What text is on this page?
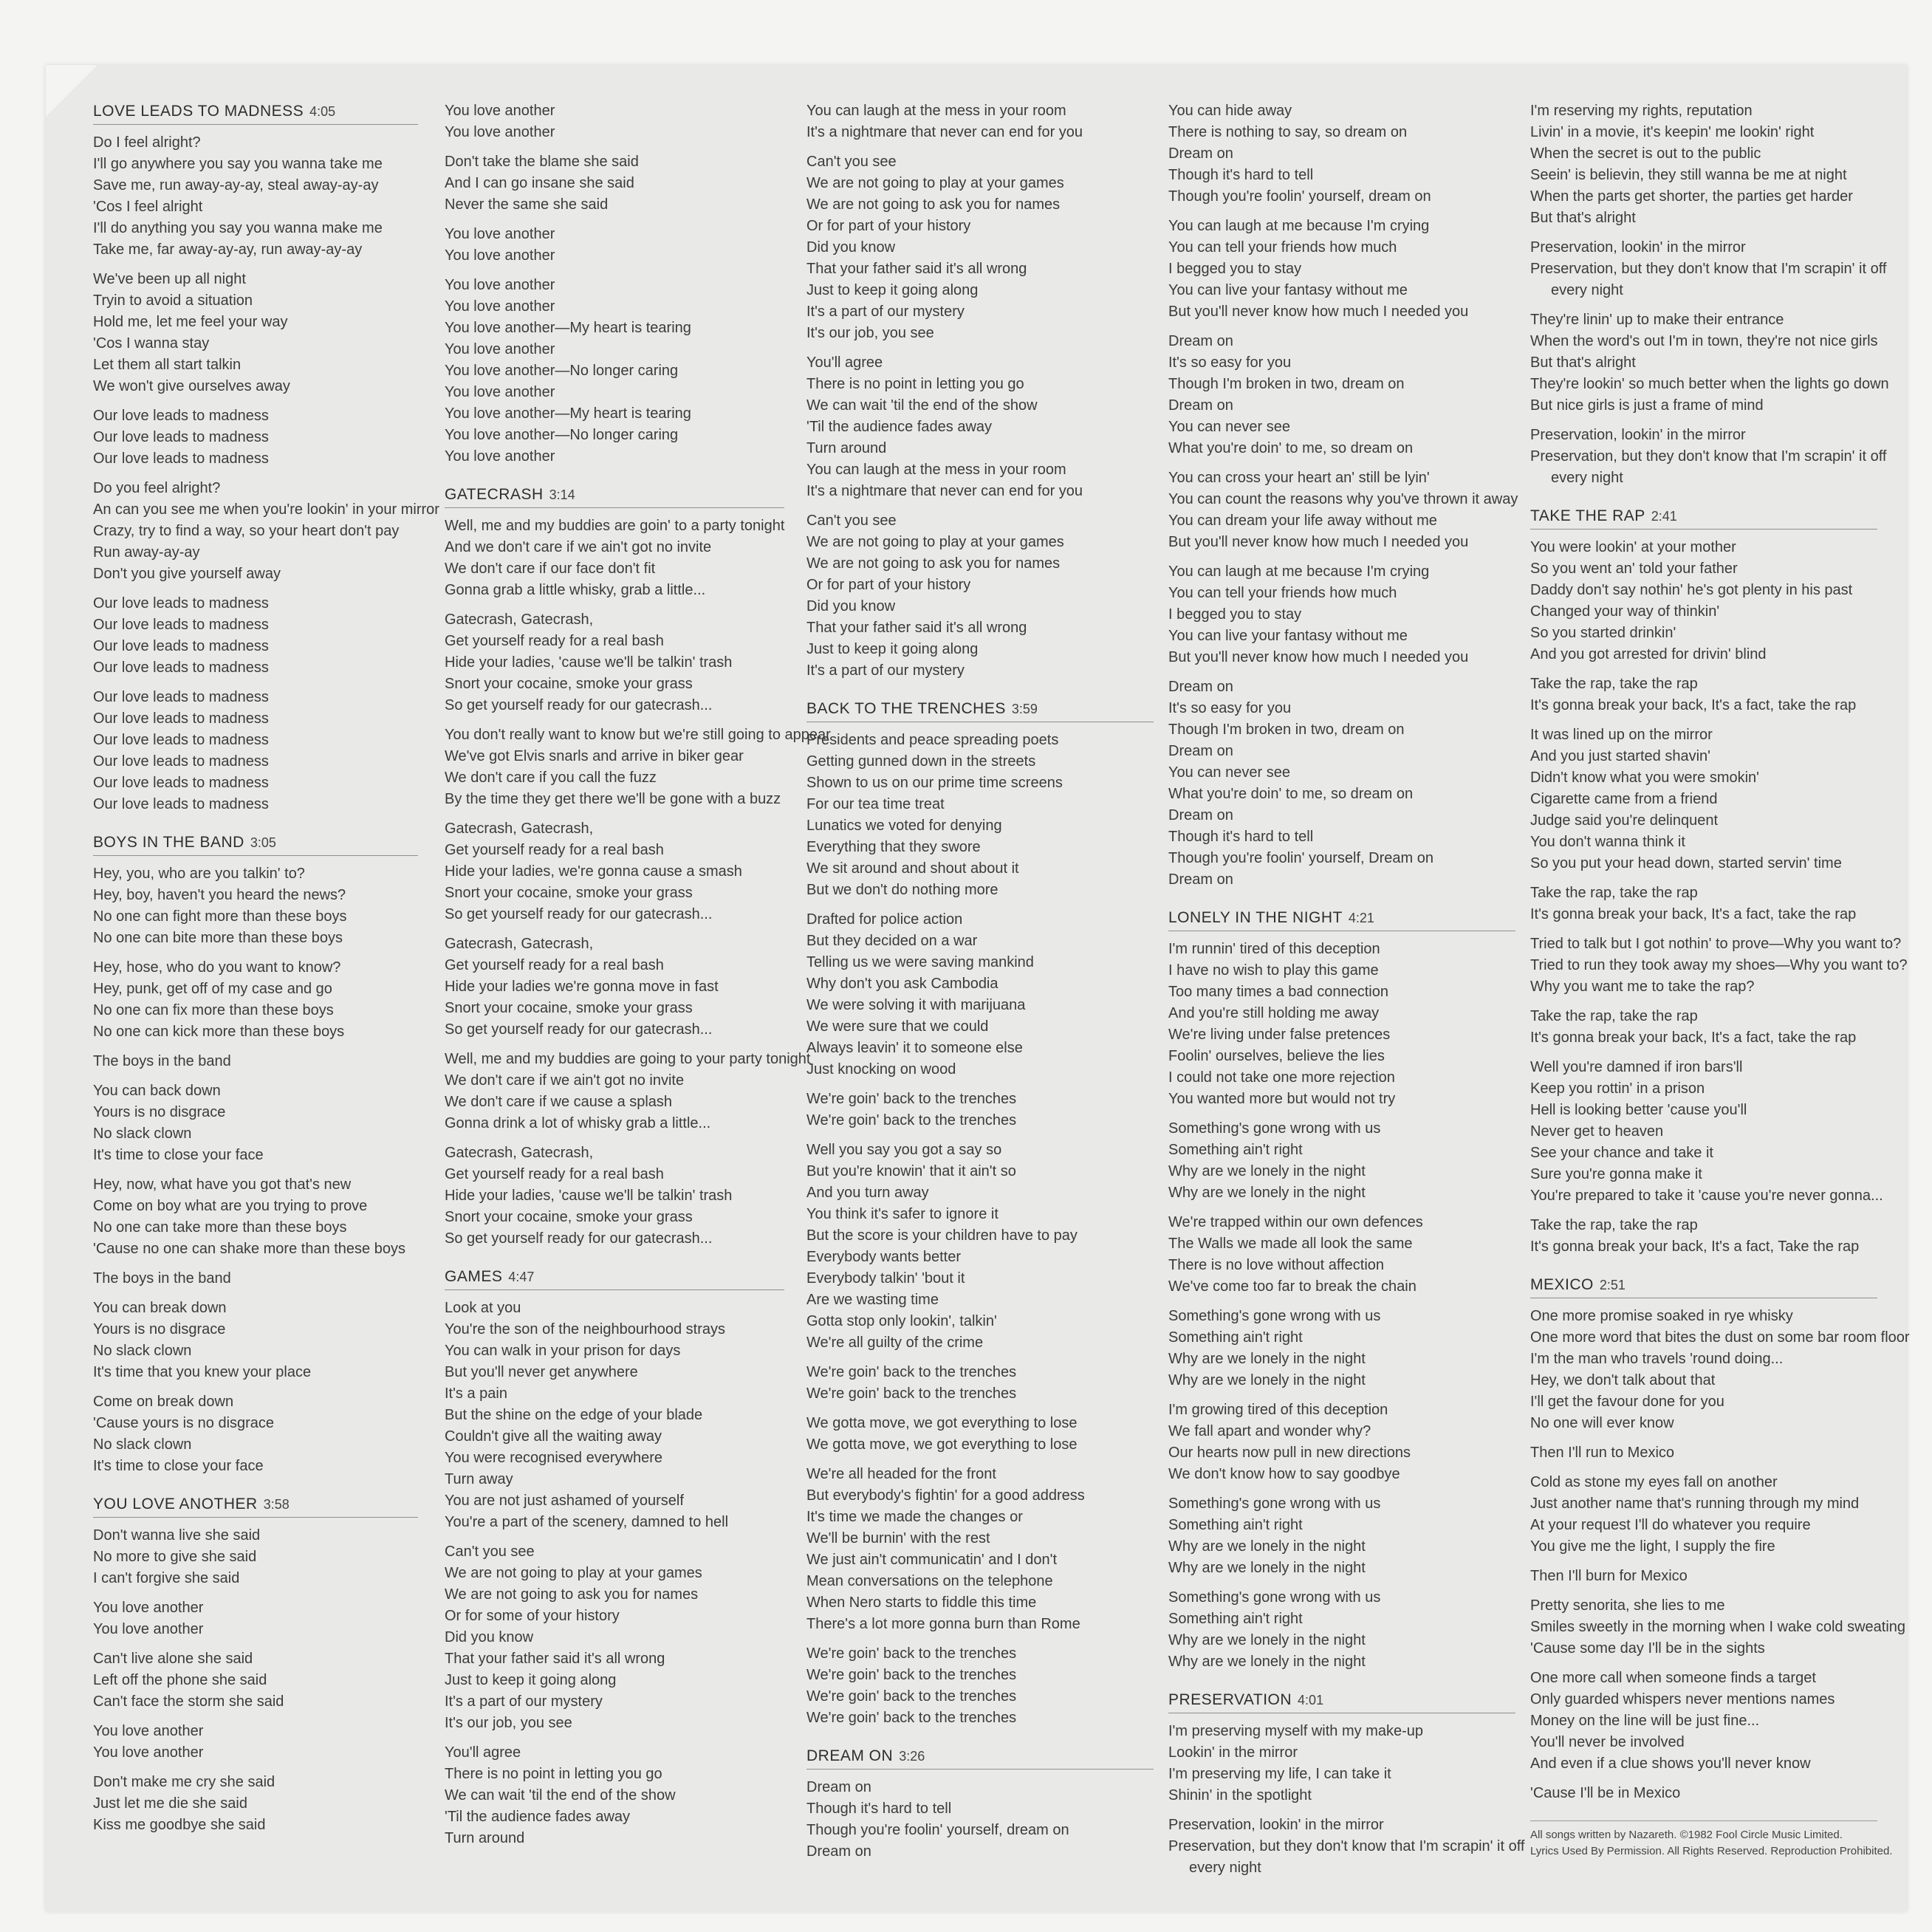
LOVE LEADS TO MADNESS 4:05
Do I feel alright?
I'll go anywhere you say you wanna take me
Save me, run away-ay-ay, steal away-ay-ay
'Cos I feel alright
I'll do anything you say you wanna make me
Take me, far away-ay-ay, run away-ay-ay
We've been up all night
Tryin to avoid a situation
Hold me, let me feel your way
'Cos I wanna stay
Let them all start talkin
We won't give ourselves away
Our love leads to madness
Our love leads to madness
Our love leads to madness
Do you feel alright?
An can you see me when you're lookin' in your mirror
Crazy, try to find a way, so your heart don't pay
Run away-ay-ay
Don't you give yourself away
Our love leads to madness
Our love leads to madness
Our love leads to madness
Our love leads to madness
Our love leads to madness
Our love leads to madness
Our love leads to madness
Our love leads to madness
Our love leads to madness
Our love leads to madness
BOYS IN THE BAND 3:05
Hey, you, who are you talkin' to?
Hey, boy, haven't you heard the news?
No one can fight more than these boys
No one can bite more than these boys
Hey, hose, who do you want to know?
Hey, punk, get off of my case and go
No one can fix more than these boys
No one can kick more than these boys
The boys in the band
You can back down
Yours is no disgrace
No slack clown
It's time to close your face
Hey, now, what have you got that's new
Come on boy what are you trying to prove
No one can take more than these boys
'Cause no one can shake more than these boys
The boys in the band
You can break down
Yours is no disgrace
No slack clown
It's time that you knew your place
Come on break down
'Cause yours is no disgrace
No slack clown
It's time to close your face
YOU LOVE ANOTHER 3:58
Don't wanna live she said
No more to give she said
I can't forgive she said
You love another
You love another
Can't live alone she said
Left off the phone she said
Can't face the storm she said
You love another
You love another
Don't make me cry she said
Just let me die she said
Kiss me goodbye she said
You love another
You love another
Don't take the blame she said
And I can go insane she said
Never the same she said
You love another
You love another
You love another
You love another
You love another—My heart is tearing
You love another
You love another—No longer caring
You love another
You love another—My heart is tearing
You love another—No longer caring
You love another
GATECRASH 3:14
Well, me and my buddies are goin' to a party tonight
And we don't care if we ain't got no invite
We don't care if our face don't fit
Gonna grab a little whisky, grab a little...
Gatecrash, Gatecrash,
Get yourself ready for a real bash
Hide your ladies, 'cause we'll be talkin' trash
Snort your cocaine, smoke your grass
So get yourself ready for our gatecrash...
You don't really want to know but we're still going to appear
We've got Elvis snarls and arrive in biker gear
We don't care if you call the fuzz
By the time they get there we'll be gone with a buzz
Gatecrash, Gatecrash,
Get yourself ready for a real bash
Hide your ladies, we're gonna cause a smash
Snort your cocaine, smoke your grass
So get yourself ready for our gatecrash...
Gatecrash, Gatecrash,
Get yourself ready for a real bash
Hide your ladies we're gonna move in fast
Snort your cocaine, smoke your grass
So get yourself ready for our gatecrash...
Well, me and my buddies are going to your party tonight
We don't care if we ain't got no invite
We don't care if we cause a splash
Gonna drink a lot of whisky grab a little...
Gatecrash, Gatecrash,
Get yourself ready for a real bash
Hide your ladies, 'cause we'll be talkin' trash
Snort your cocaine, smoke your grass
So get yourself ready for our gatecrash...
GAMES 4:47
Look at you
You're the son of the neighbourhood strays
You can walk in your prison for days
But you'll never get anywhere
It's a pain
But the shine on the edge of your blade
Couldn't give all the waiting away
You were recognised everywhere
Turn away
You are not just ashamed of yourself
You're a part of the scenery, damned to hell
Can't you see
We are not going to play at your games
We are not going to ask you for names
Or for some of your history
Did you know
That your father said it's all wrong
Just to keep it going along
It's a part of our mystery
It's our job, you see
You'll agree
There is no point in letting you go
We can wait 'til the end of the show
'Til the audience fades away
Turn around
You can laugh at the mess in your room
It's a nightmare that never can end for you
Can't you see
We are not going to play at your games
We are not going to ask you for names
Or for part of your history
Did you know
That your father said it's all wrong
Just to keep it going along
It's a part of our mystery
It's our job, you see
You'll agree
There is no point in letting you go
We can wait 'til the end of the show
'Til the audience fades away
Turn around
You can laugh at the mess in your room
It's a nightmare that never can end for you
Can't you see
We are not going to play at your games
We are not going to ask you for names
Or for part of your history
Did you know
That your father said it's all wrong
Just to keep it going along
It's a part of our mystery
BACK TO THE TRENCHES 3:59
Presidents and peace spreading poets
Getting gunned down in the streets
Shown to us on our prime time screens
For our tea time treat
Lunatics we voted for denying
Everything that they swore
We sit around and shout about it
But we don't do nothing more
Drafted for police action
But they decided on a war
Telling us we were saving mankind
Why don't you ask Cambodia
We were solving it with marijuana
We were sure that we could
Always leavin' it to someone else
Just knocking on wood
We're goin' back to the trenches
We're goin' back to the trenches
Well you say you got a say so
But you're knowin' that it ain't so
And you turn away
You think it's safer to ignore it
But the score is your children have to pay
Everybody wants better
Everybody talkin' 'bout it
Are we wasting time
Gotta stop only lookin', talkin'
We're all guilty of the crime
We're goin' back to the trenches
We're goin' back to the trenches
We gotta move, we got everything to lose
We gotta move, we got everything to lose
We're all headed for the front
But everybody's fightin' for a good address
It's time we made the changes or
We'll be burnin' with the rest
We just ain't communicatin' and I don't
Mean conversations on the telephone
When Nero starts to fiddle this time
There's a lot more gonna burn than Rome
We're goin' back to the trenches
We're goin' back to the trenches
We're goin' back to the trenches
We're goin' back to the trenches
DREAM ON 3:26
Dream on
Though it's hard to tell
Though you're foolin' yourself, dream on
Dream on
You can hide away
There is nothing to say, so dream on
Dream on
Though it's hard to tell
Though you're foolin' yourself, dream on
You can laugh at me because I'm crying
You can tell your friends how much
I begged you to stay
You can live your fantasy without me
But you'll never know how much I needed you
Dream on
It's so easy for you
Though I'm broken in two, dream on
Dream on
You can never see
What you're doin' to me, so dream on
You can cross your heart an' still be lyin'
You can count the reasons why you've thrown it away
You can dream your life away without me
But you'll never know how much I needed you
You can laugh at me because I'm crying
You can tell your friends how much
I begged you to stay
You can live your fantasy without me
But you'll never know how much I needed you
Dream on
It's so easy for you
Though I'm broken in two, dream on
Dream on
You can never see
What you're doin' to me, so dream on
Dream on
Though it's hard to tell
Though you're foolin' yourself, Dream on
Dream on
LONELY IN THE NIGHT 4:21
I'm runnin' tired of this deception
I have no wish to play this game
Too many times a bad connection
And you're still holding me away
We're living under false pretences
Foolin' ourselves, believe the lies
I could not take one more rejection
You wanted more but would not try
Something's gone wrong with us
Something ain't right
Why are we lonely in the night
Why are we lonely in the night
We're trapped within our own defences
The Walls we made all look the same
There is no love without affection
We've come too far to break the chain
Something's gone wrong with us
Something ain't right
Why are we lonely in the night
Why are we lonely in the night
I'm growing tired of this deception
We fall apart and wonder why?
Our hearts now pull in new directions
We don't know how to say goodbye
Something's gone wrong with us
Something ain't right
Why are we lonely in the night
Why are we lonely in the night
Something's gone wrong with us
Something ain't right
Why are we lonely in the night
Why are we lonely in the night
PRESERVATION 4:01
I'm preserving myself with my make-up
Lookin' in the mirror
I'm preserving my life, I can take it
Shinin' in the spotlight
Preservation, lookin' in the mirror
Preservation, but they don't know that I'm scrapin' it off
every night
I'm reserving my rights, reputation
Livin' in a movie, it's keepin' me lookin' right
When the secret is out to the public
Seein' is believin, they still wanna be me at night
When the parts get shorter, the parties get harder
But that's alright
Preservation, lookin' in the mirror
Preservation, but they don't know that I'm scrapin' it off
every night
They're linin' up to make their entrance
When the word's out I'm in town, they're not nice girls
But that's alright
They're lookin' so much better when the lights go down
But nice girls is just a frame of mind
Preservation, lookin' in the mirror
Preservation, but they don't know that I'm scrapin' it off
every night
TAKE THE RAP 2:41
You were lookin' at your mother
So you went an' told your father
Daddy don't say nothin' he's got plenty in his past
Changed your way of thinkin'
So you started drinkin'
And you got arrested for drivin' blind
Take the rap, take the rap
It's gonna break your back, It's a fact, take the rap
It was lined up on the mirror
And you just started shavin'
Didn't know what you were smokin'
Cigarette came from a friend
Judge said you're delinquent
You don't wanna think it
So you put your head down, started servin' time
Take the rap, take the rap
It's gonna break your back, It's a fact, take the rap
Tried to talk but I got nothin' to prove—Why you want to?
Tried to run they took away my shoes—Why you want to?
Why you want me to take the rap?
Take the rap, take the rap
It's gonna break your back, It's a fact, take the rap
Well you're damned if iron bars'll
Keep you rottin' in a prison
Hell is looking better 'cause you'll
Never get to heaven
See your chance and take it
Sure you're gonna make it
You're prepared to take it 'cause you're never gonna...
Take the rap, take the rap
It's gonna break your back, It's a fact, Take the rap
MEXICO 2:51
One more promise soaked in rye whisky
One more word that bites the dust on some bar room floor
I'm the man who travels 'round doing...
Hey, we don't talk about that
I'll get the favour done for you
No one will ever know
Then I'll run to Mexico
Cold as stone my eyes fall on another
Just another name that's running through my mind
At your request I'll do whatever you require
You give me the light, I supply the fire
Then I'll burn for Mexico
Pretty senorita, she lies to me
Smiles sweetly in the morning when I wake cold sweating
'Cause some day I'll be in the sights
One more call when someone finds a target
Only guarded whispers never mentions names
Money on the line will be just fine...
You'll never be involved
And even if a clue shows you'll never know
'Cause I'll be in Mexico
All songs written by Nazareth. ©1982 Fool Circle Music Limited.
Lyrics Used By Permission. All Rights Reserved. Reproduction Prohibited.
